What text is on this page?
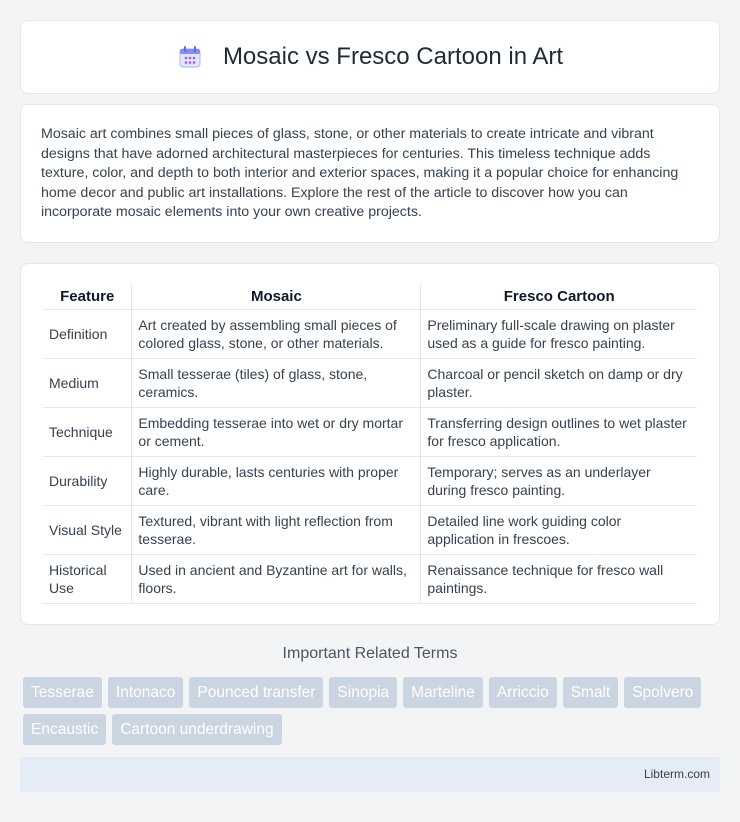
Mosaic vs Fresco Cartoon in Art

Mosaic art combines small pieces of glass, stone, or other materials to create intricate and vibrant designs that have adorned architectural masterpieces for centuries. This timeless technique adds texture, color, and depth to both interior and exterior spaces, making it a popular choice for enhancing home decor and public art installations. Explore the rest of the article to discover how you can incorporate mosaic elements into your own creative projects.

Feature	Mosaic	Fresco Cartoon
Definition	Art created by assembling small pieces of colored glass, stone, or other materials.	Preliminary full-scale drawing on plaster used as a guide for fresco painting.
Medium	Small tesserae (tiles) of glass, stone, ceramics.	Charcoal or pencil sketch on damp or dry plaster.
Technique	Embedding tesserae into wet or dry mortar or cement.	Transferring design outlines to wet plaster for fresco application.
Durability	Highly durable, lasts centuries with proper care.	Temporary; serves as an underlayer during fresco painting.
Visual Style	Textured, vibrant with light reflection from tesserae.	Detailed line work guiding color application in frescoes.
Historical Use	Used in ancient and Byzantine art for walls, floors.	Renaissance technique for fresco wall paintings.
Important Related Terms
Tesserae	Intonaco	Pounced transfer	Sinopia	Marteline	Arriccio	Smalt	Spolvero
Encaustic	Cartoon underdrawing
Libterm.com
